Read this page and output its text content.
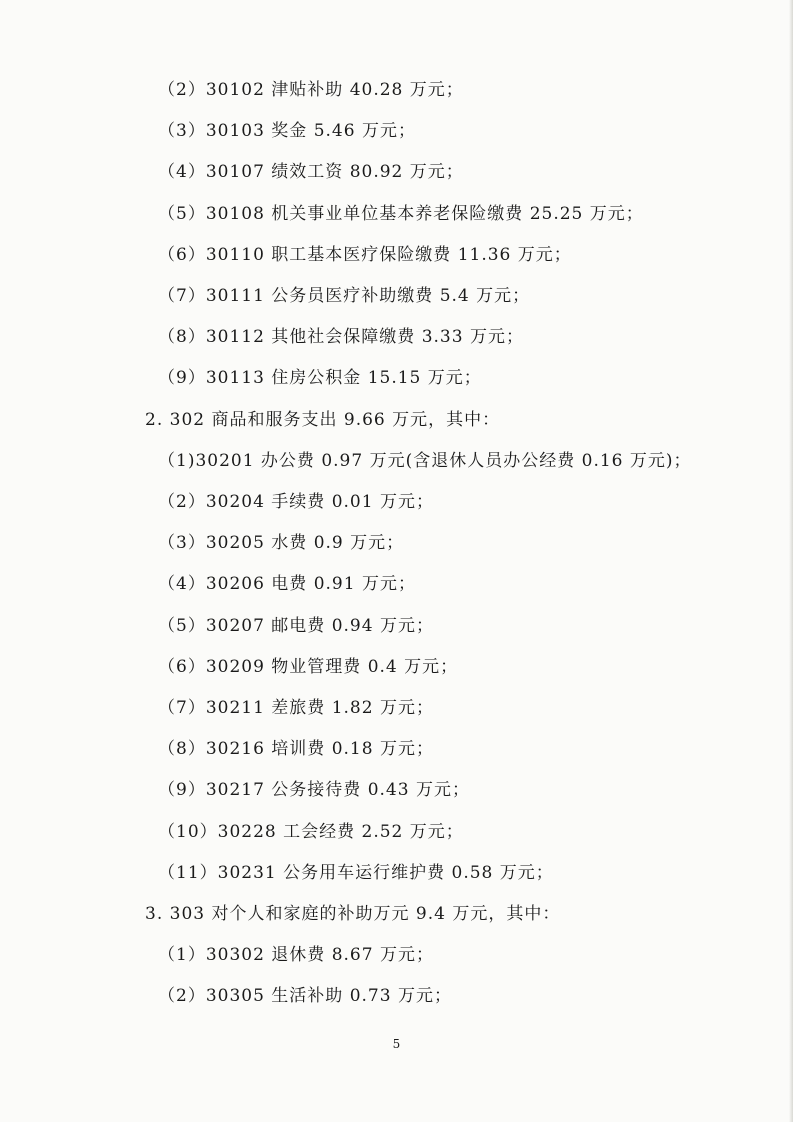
（2）30102 津贴补助 40.28 万元；
（3）30103 奖金 5.46 万元；
（4）30107 绩效工资 80.92 万元；
（5）30108 机关事业单位基本养老保险缴费 25.25 万元；
（6）30110 职工基本医疗保险缴费 11.36 万元；
（7）30111 公务员医疗补助缴费 5.4 万元；
（8）30112 其他社会保障缴费 3.33 万元；
（9）30113 住房公积金 15.15 万元；
2. 302 商品和服务支出 9.66 万元，其中：
（1)30201 办公费 0.97 万元(含退休人员办公经费 0.16 万元)；
（2）30204 手续费 0.01 万元；
（3）30205 水费 0.9 万元；
（4）30206 电费 0.91 万元；
（5）30207 邮电费 0.94 万元；
（6）30209 物业管理费 0.4 万元；
（7）30211 差旅费 1.82 万元；
（8）30216 培训费 0.18 万元；
（9）30217 公务接待费 0.43 万元；
（10）30228 工会经费 2.52 万元；
（11）30231 公务用车运行维护费 0.58 万元；
3. 303 对个人和家庭的补助万元 9.4 万元，其中：
（1）30302 退休费 8.67 万元；
（2）30305 生活补助 0.73 万元；
5
